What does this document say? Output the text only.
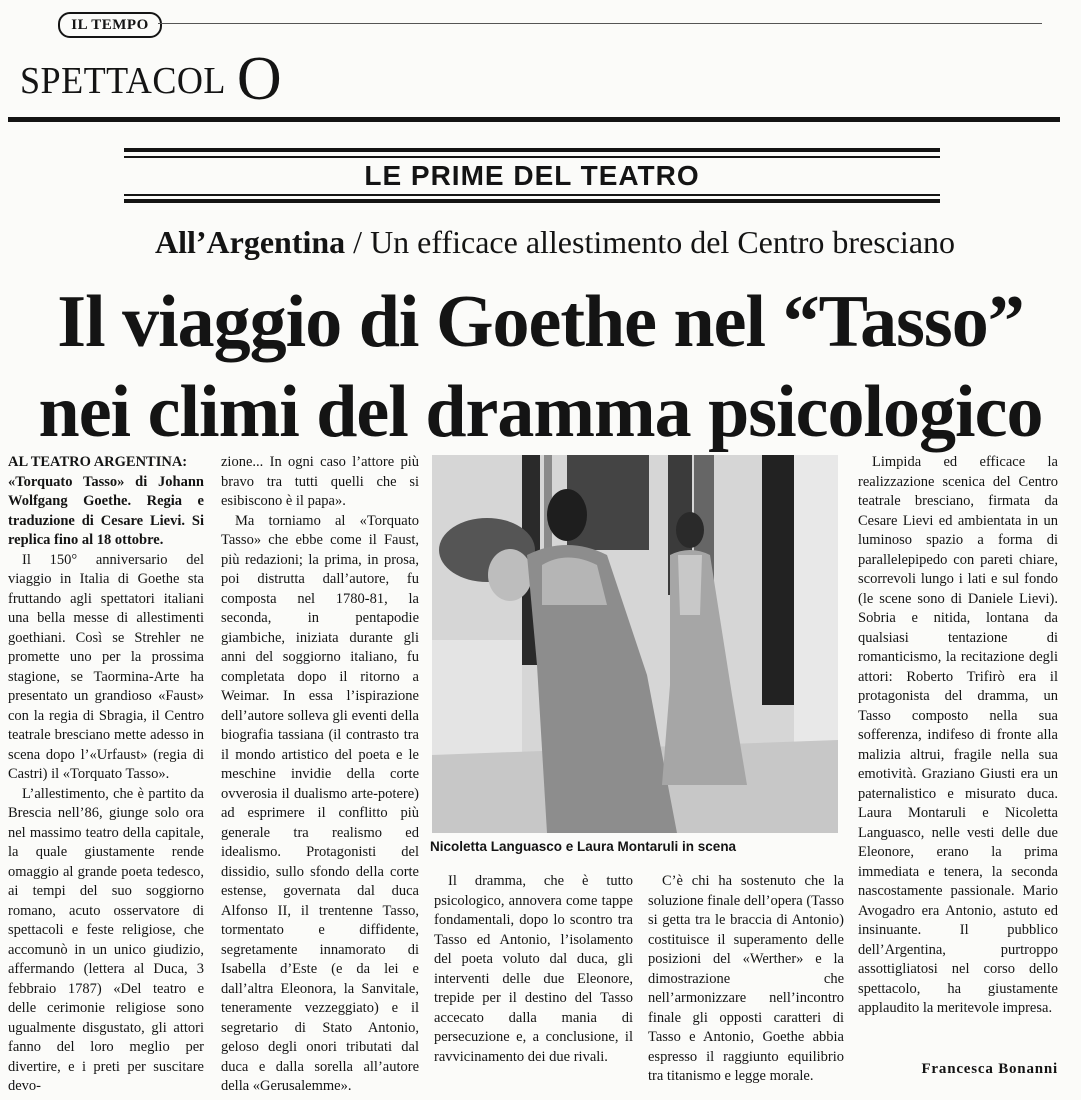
IL TEMPO
SPETTACOL O
LE PRIME DEL TEATRO
All’Argentina / Un efficace allestimento del Centro bresciano
Il viaggio di Goethe nel “Tasso”
nei climi del dramma psicologico

AL TEATRO ARGENTINA:

«Torquato Tasso» di Johann Wolfgang Goethe. Regia e traduzione di Cesare Lievi. Si replica fino al 18 ottobre.

Il 150° anniversario del viaggio in Italia di Goethe sta fruttando agli spettatori italiani una bella messe di allestimenti goethiani. Così se Strehler ne promette uno per la prossima stagione, se Taormina-Arte ha presentato un grandioso «Faust» con la regia di Sbragia, il Centro teatrale bresciano mette adesso in scena dopo l’«Urfaust» (regia di Castri) il «Torquato Tasso».

L’allestimento, che è partito da Brescia nell’86, giunge solo ora nel massimo teatro della capitale, la quale giustamente rende omaggio al grande poeta tedesco, ai tempi del suo soggiorno romano, acuto osservatore di spettacoli e feste religiose, che accomunò in un unico giudizio, affermando (lettera al Duca, 3 febbraio 1787) «Del teatro e delle cerimonie religiose sono ugualmente disgustato, gli attori fanno del loro meglio per divertire, e i preti per suscitare devo-

zione... In ogni caso l’attore più bravo tra tutti quelli che si esibiscono è il papa».

Ma torniamo al «Torquato Tasso» che ebbe come il Faust, più redazioni; la prima, in prosa, poi distrutta dall’autore, fu composta nel 1780-81, la seconda, in pentapodie giambiche, iniziata durante gli anni del soggiorno italiano, fu completata dopo il ritorno a Weimar. In essa l’ispirazione dell’autore solleva gli eventi della biografia tassiana (il contrasto tra il mondo artistico del poeta e le meschine invidie della corte ovverosia il dualismo arte-potere) ad esprimere il conflitto più generale tra realismo ed idealismo. Protagonisti del dissidio, sullo sfondo della corte estense, governata dal duca Alfonso II, il trentenne Tasso, tormentato e diffidente, segretamente innamorato di Isabella d’Este (e da lei e dall’altra Eleonora, la Sanvitale, teneramente vezzeggiato) e il segretario di Stato Antonio, geloso degli onori tributati dal duca e dalla sorella all’autore della «Gerusalemme».

Nicoletta Languasco e Laura Montaruli in scena

Il dramma, che è tutto psicologico, annovera come tappe fondamentali, dopo lo scontro tra Tasso ed Antonio, l’isolamento del poeta voluto dal duca, gli interventi delle due Eleonore, trepide per il destino del Tasso accecato dalla mania di persecuzione e, a conclusione, il ravvicinamento dei due rivali.

C’è chi ha sostenuto che la soluzione finale dell’opera (Tasso si getta tra le braccia di Antonio) costituisce il superamento delle posizioni del «Werther» e la dimostrazione che nell’armonizzare nell’incontro finale gli opposti caratteri di Tasso e Antonio, Goethe abbia espresso il raggiunto equilibrio tra titanismo e legge morale.

Limpida ed efficace la realizzazione scenica del Centro teatrale bresciano, firmata da Cesare Lievi ed ambientata in un luminoso spazio a forma di parallelepipedo con pareti chiare, scorrevoli lungo i lati e sul fondo (le scene sono di Daniele Lievi). Sobria e nitida, lontana da qualsiasi tentazione di romanticismo, la recitazione degli attori: Roberto Trifirò era il protagonista del dramma, un Tasso composto nella sua sofferenza, indifeso di fronte alla malizia altrui, fragile nella sua emotività. Graziano Giusti era un paternalistico e misurato duca. Laura Montaruli e Nicoletta Languasco, nelle vesti delle due Eleonore, erano la prima immediata e tenera, la seconda nascostamente passionale. Mario Avogadro era Antonio, astuto ed insinuante. Il pubblico dell’Argentina, purtroppo assottigliatosi nel corso dello spettacolo, ha giustamente applaudito la meritevole impresa.

Francesca Bonanni
